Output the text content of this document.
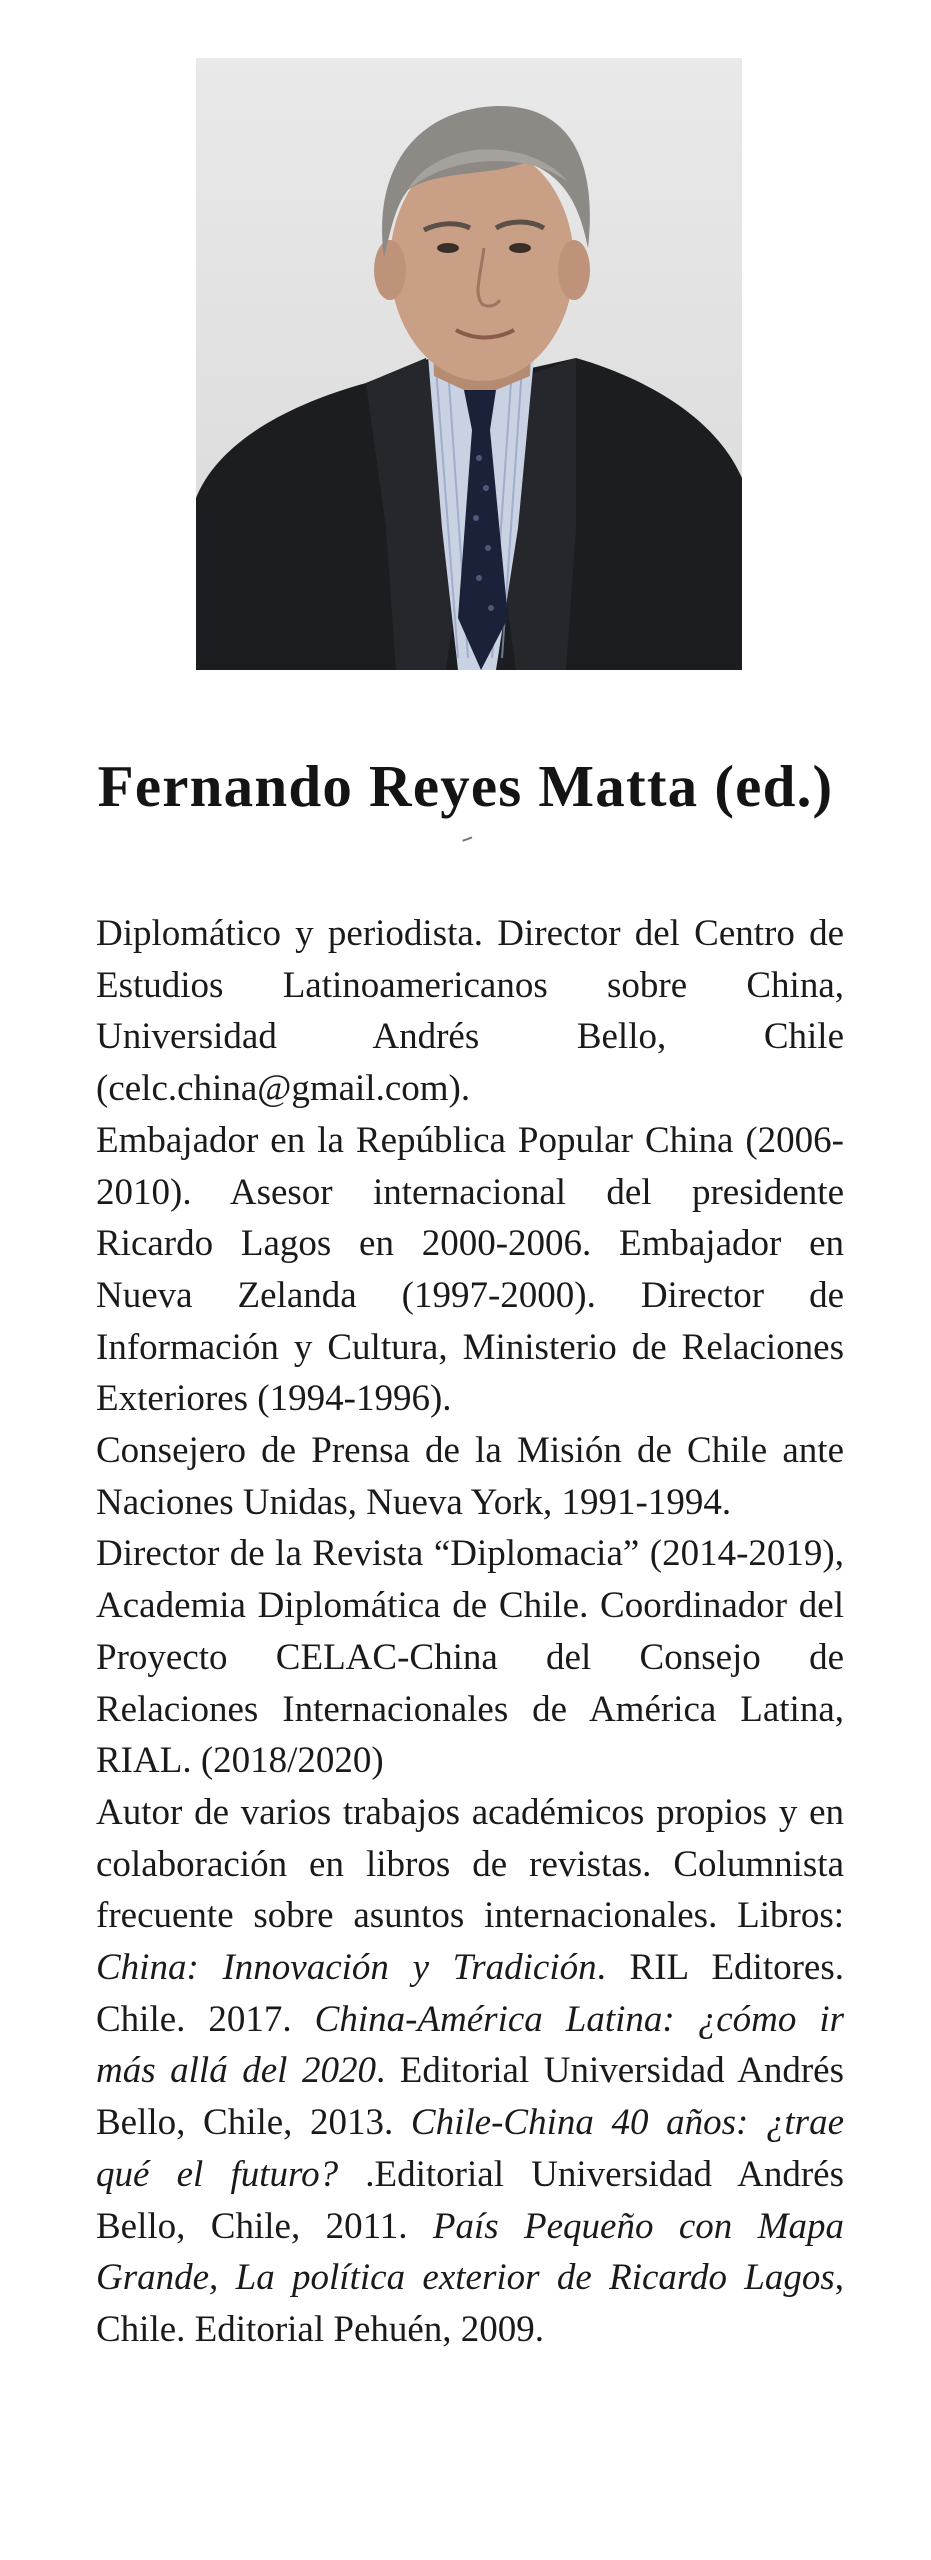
Fernando Reyes Matta (ed.)

Diplomático y periodista. Director del Centro de Estudios Latinoamericanos sobre China, Universidad Andrés Bello, Chile (celc.china@gmail.com).

Embajador en la República Popular China (2006-2010). Asesor internacional del presidente Ricardo Lagos en 2000-2006. Embajador en Nueva Zelanda (1997-2000). Director de Información y Cultura, Ministerio de Relaciones Exteriores (1994-1996).

Consejero de Prensa de la Misión de Chile ante Naciones Unidas, Nueva York, 1991-1994.

Director de la Revista “Diplomacia” (2014-2019), Academia Diplomática de Chile. Coordinador del Proyecto CELAC-China del Consejo de Relaciones Internacionales de América Latina, RIAL. (2018/2020)

Autor de varios trabajos académicos propios y en colaboración en libros de revistas. Columnista frecuente sobre asuntos internacionales. Libros: China: Innovación y Tradición. RIL Editores. Chile. 2017. China-América Latina: ¿cómo ir más allá del 2020. Editorial Universidad Andrés Bello, Chile, 2013. Chile-China 40 años: ¿trae qué el futuro? .Editorial Universidad Andrés Bello, Chile, 2011. País Pequeño con Mapa Grande, La política exterior de Ricardo Lagos, Chile. Editorial Pehuén, 2009.
